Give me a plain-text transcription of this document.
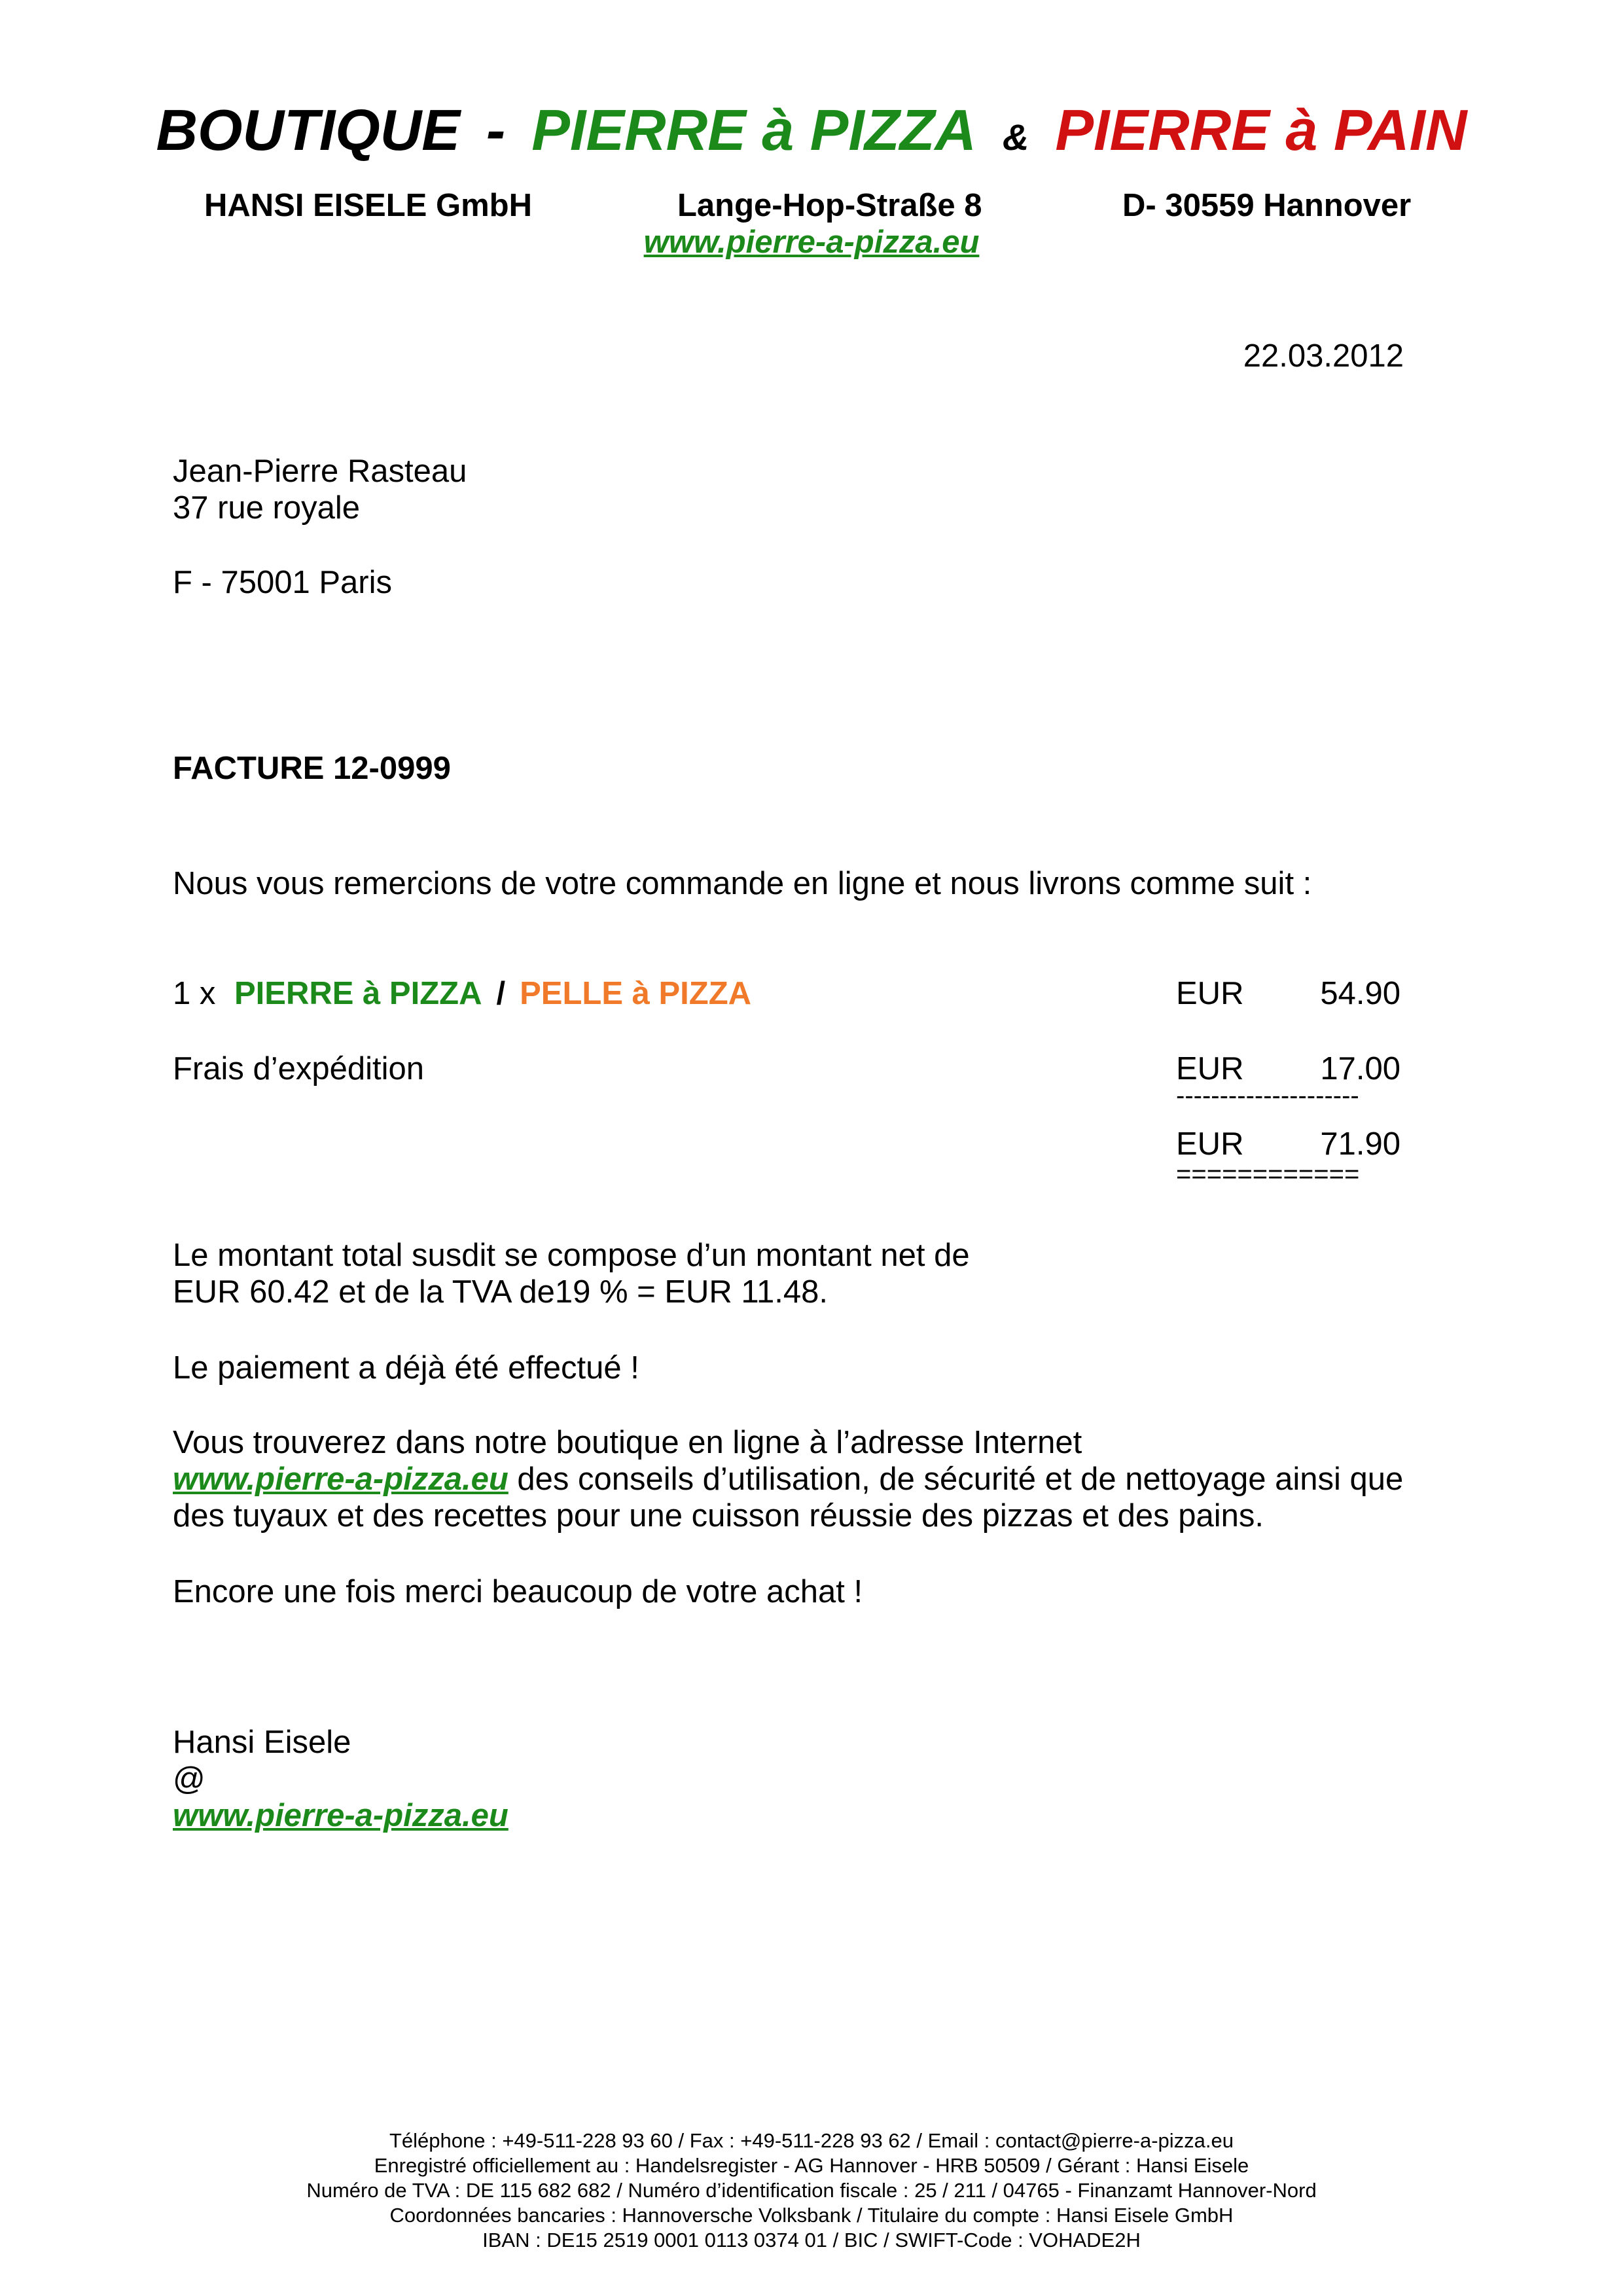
BOUTIQUE - PIERRE à PIZZA & PIERRE à PAIN
HANSI EISELE GmbH	Lange-Hop-Straße 8	D- 30559 Hannover
www.pierre-a-pizza.eu
22.03.2012
Jean-Pierre Rasteau
37 rue royale
F - 75001 Paris
FACTURE 12-0999
Nous vous remercions de votre commande en ligne et nous livrons comme suit :
1 x PIERRE à PIZZA / PELLE à PIZZA	EUR 54.90
Frais d’expédition	EUR 17.00
---------------------
EUR 71.90
============
Le montant total susdit se compose d’un montant net de
EUR 60.42 et de la TVA de19 % = EUR 11.48.
Le paiement a déjà été effectué !
Vous trouverez dans notre boutique en ligne à l’adresse Internet
www.pierre-a-pizza.eu des conseils d’utilisation, de sécurité et de nettoyage ainsi que
des tuyaux et des recettes pour une cuisson réussie des pizzas et des pains.
Encore une fois merci beaucoup de votre achat !
Hansi Eisele
@
www.pierre-a-pizza.eu
Téléphone : +49-511-228 93 60 / Fax : +49-511-228 93 62 / Email : contact@pierre-a-pizza.eu
Enregistré officiellement au : Handelsregister - AG Hannover - HRB 50509 / Gérant : Hansi Eisele
Numéro de TVA : DE 115 682 682 / Numéro d’identification fiscale : 25 / 211 / 04765 - Finanzamt Hannover-Nord
Coordonnées bancaries : Hannoversche Volksbank / Titulaire du compte : Hansi Eisele GmbH
IBAN : DE15 2519 0001 0113 0374 01 / BIC / SWIFT-Code : VOHADE2H
